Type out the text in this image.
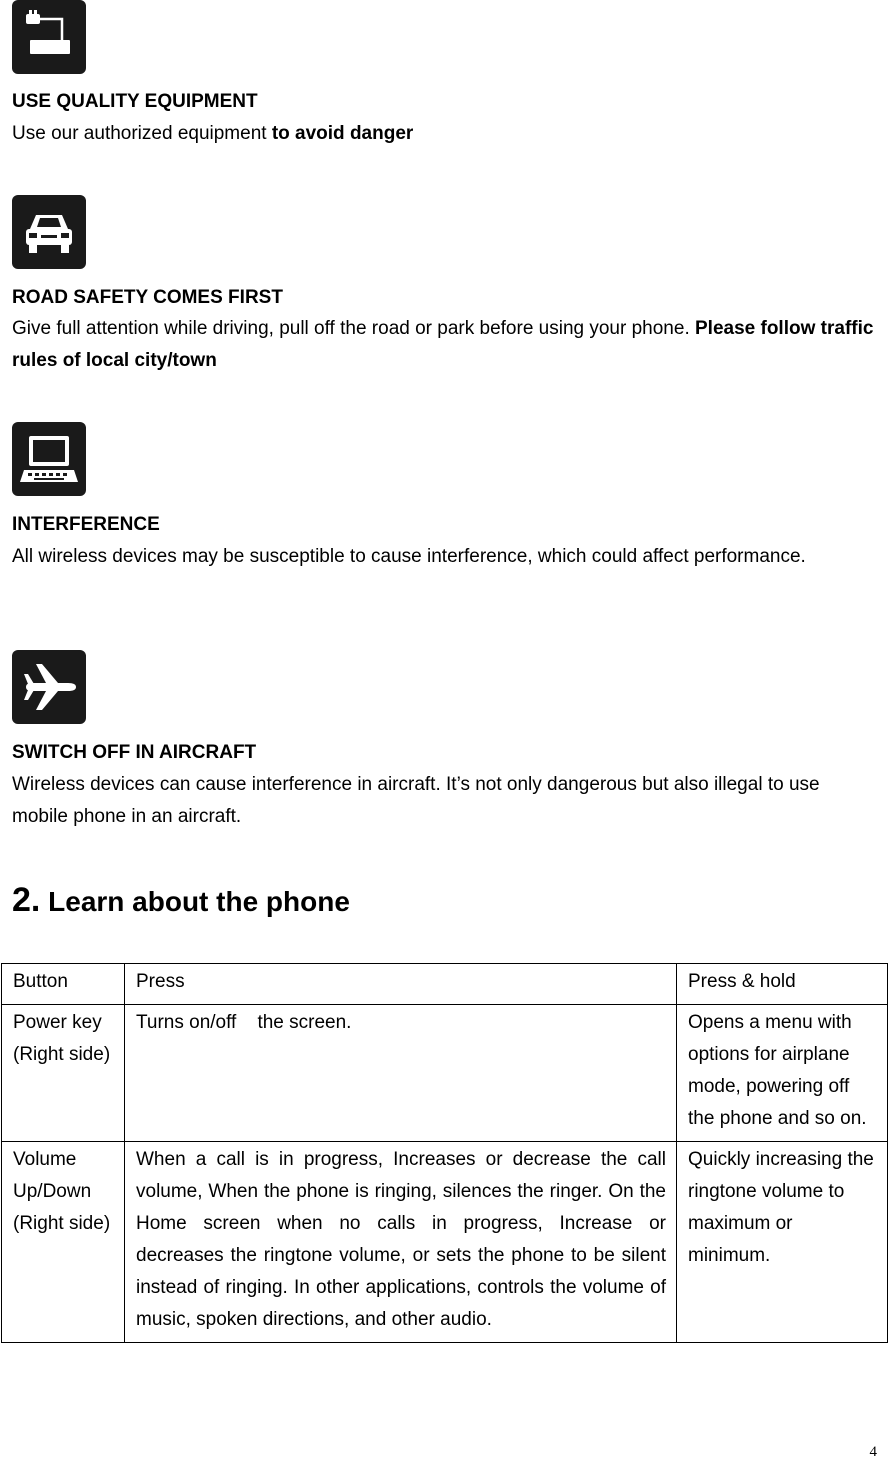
USE QUALITY EQUIPMENT

Use our authorized equipment to avoid danger

ROAD SAFETY COMES FIRST

Give full attention while driving, pull off the road or park before using your phone. Please follow traffic rules of local city/town

INTERFERENCE

All wireless devices may be susceptible to cause interference, which could affect performance.

SWITCH OFF IN AIRCRAFT

Wireless devices can cause interference in aircraft. It’s not only dangerous but also illegal to use mobile phone in an aircraft.

2. Learn about the phone
Button	Press	Press & hold
Power key (Right side)	Turns on/off    the screen.	Opens a menu with options for airplane mode, powering off the phone and so on.
Volume Up/Down (Right side)	When a call is in progress, Increases or decrease the call volume, When the phone is ringing, silences the ringer. On the Home screen when no calls in progress, Increase or decreases the ringtone volume, or sets the phone to be silent instead of ringing. In other applications, controls the volume of music, spoken directions, and other audio.	Quickly increasing the ringtone volume to maximum or minimum.
4
